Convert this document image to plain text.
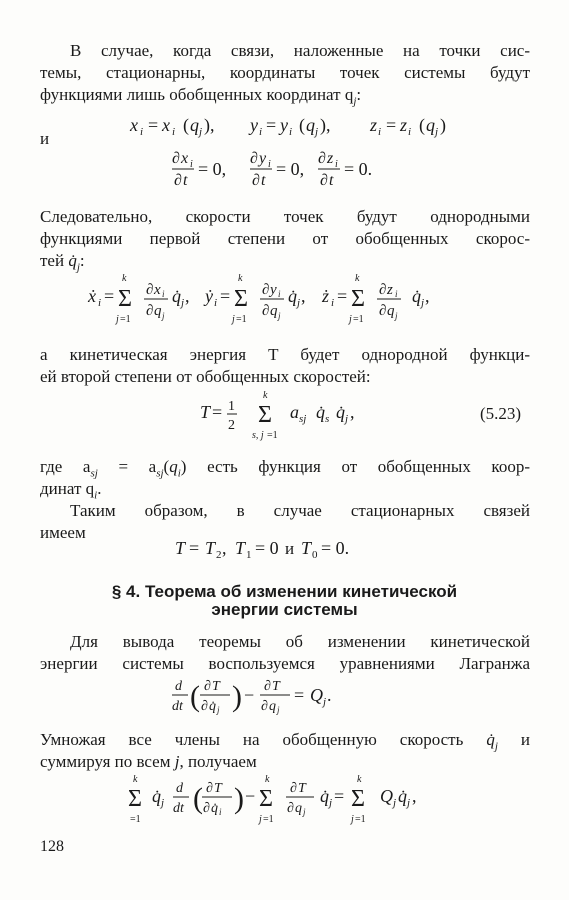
В случае, когда связи, наложенные на точки сис-
темы, стационарны, координаты точек системы будут
функциями лишь обобщенных координат $q_j$:
x i = x i ( q j ), y i = y i ( q j ), z i = z i ( q j )
и
∂ x i
∂ t
= 0,
∂ y i
∂ t
= 0,
∂ z i
∂ t
= 0.
Следовательно, скорости точек будут однородными
функциями первой степени от обобщенных скорос-
тей $q̇_j$:
ẋ i =
k
Σ
j =1
∂ x i
∂ q j
q̇ j , ẏ i =
k
Σ
j =1
∂ y i
∂ q j
q̇ j , ż i =
k
Σ
j =1
∂ z i
∂ q j
q̇ j ,
а кинетическая энергия T будет однородной функци-
ей второй степени от обобщенных скоростей:
T = 1
2
k
Σ
s, j =1
a sj q̇ s q̇ j ,	(5.23)
где $a_{sj} = a_{sj}(q_i)$ есть функция от обобщенных коор-
динат $q_i$.
Таким образом, в случае стационарных связей
имеем
T = T 2 , T 1 = 0 и T 0 = 0.
§ 4. Теорема об изменении кинетической
энергии системы
Для вывода теоремы об изменении кинетической
энергии системы воспользуемся уравнениями Лагранжа
d
dt ( ∂ T
∂ q̇ j ) − ∂ T
∂ q j
= Q j .
Умножая все члены на обобщенную скорость $q̇_j$ и
суммируя по всем j, получаем
k
Σ
=1
q̇ j
d
dt ( ∂ T
∂ q̇ i ) −
k
Σ
j =1
∂ T
∂ q j
q̇ j =
k
Σ
j =1
Q j q̇ j ,
128
